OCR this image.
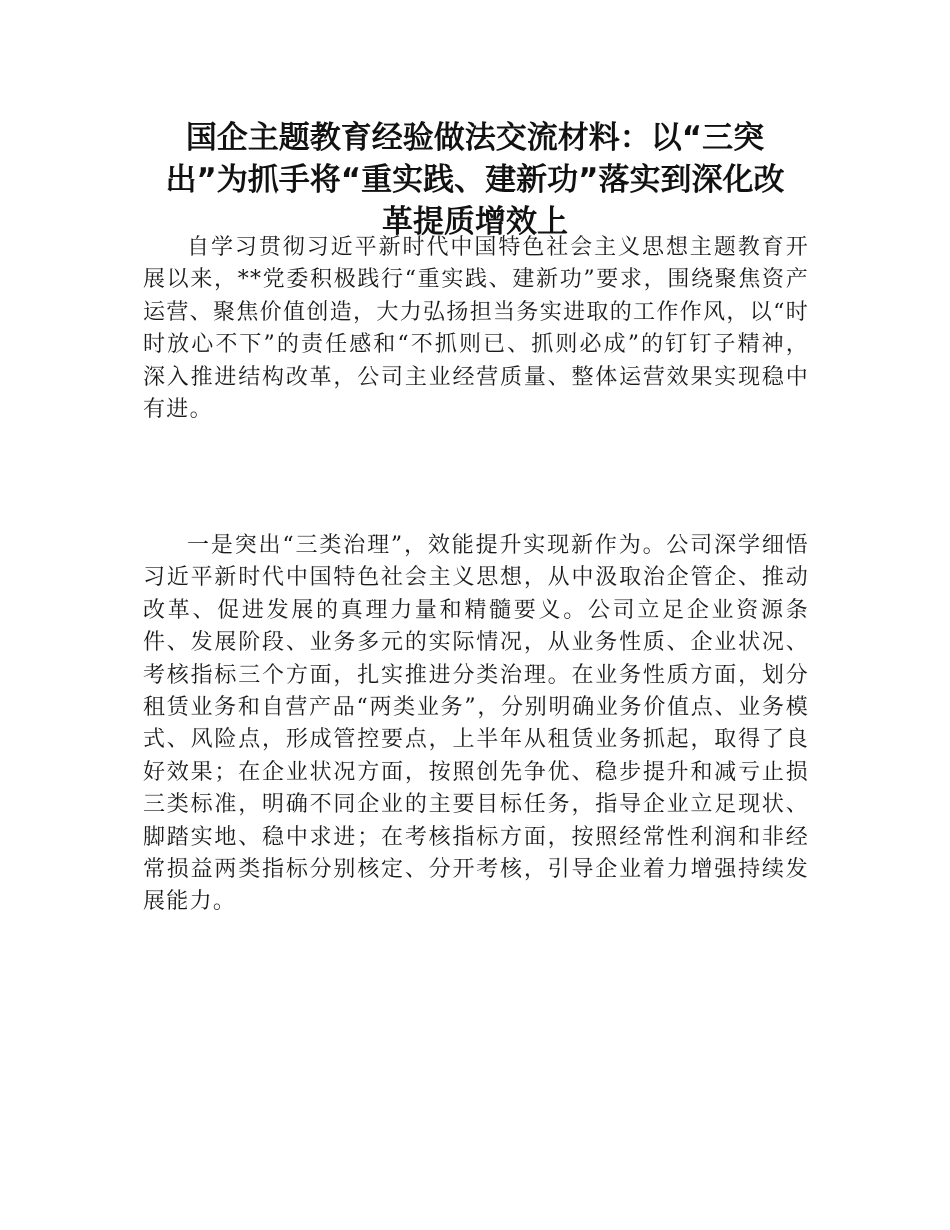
国企主题教育经验做法交流材料：以“三突出”为抓手将“重实践、建新功”落实到深化改革提质增效上

自学习贯彻习近平新时代中国特色社会主义思想主题教育开展以来，**党委积极践行“重实践、建新功”要求，围绕聚焦资产运营、聚焦价值创造，大力弘扬担当务实进取的工作作风，以“时时放心不下”的责任感和“不抓则已、抓则必成”的钉钉子精神，深入推进结构改革，公司主业经营质量、整体运营效果实现稳中有进。

一是突出“三类治理”，效能提升实现新作为。公司深学细悟习近平新时代中国特色社会主义思想，从中汲取治企管企、推动改革、促进发展的真理力量和精髓要义。公司立足企业资源条件、发展阶段、业务多元的实际情况，从业务性质、企业状况、考核指标三个方面，扎实推进分类治理。在业务性质方面，划分租赁业务和自营产品“两类业务”，分别明确业务价值点、业务模式、风险点，形成管控要点，上半年从租赁业务抓起，取得了良好效果；在企业状况方面，按照创先争优、稳步提升和减亏止损三类标准，明确不同企业的主要目标任务，指导企业立足现状、脚踏实地、稳中求进；在考核指标方面，按照经常性利润和非经常损益两类指标分别核定、分开考核，引导企业着力增强持续发展能力。
